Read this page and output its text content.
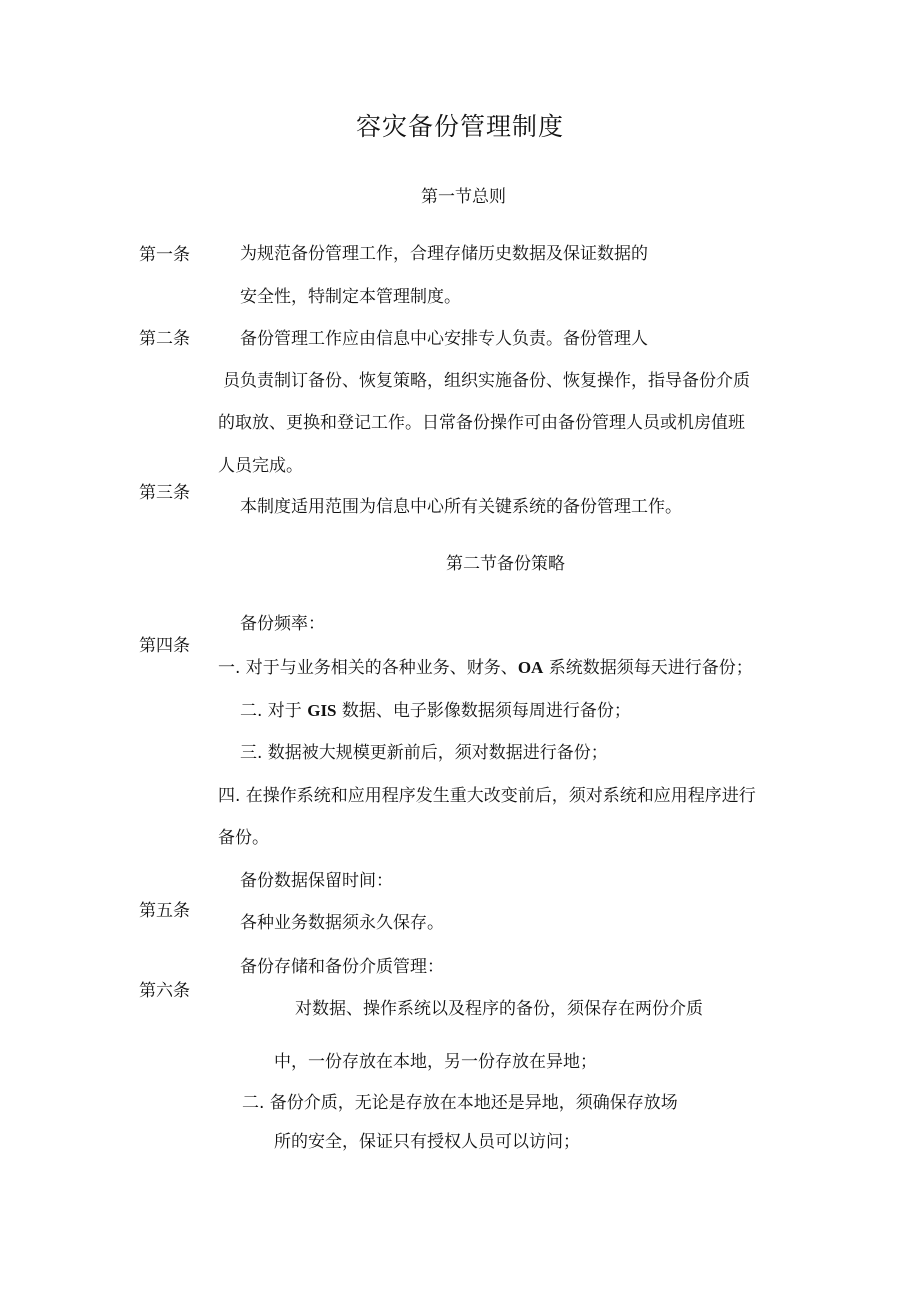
容灾备份管理制度
第一节总则
第一条	为规范备份管理工作，合理存储历史数据及保证数据的
安全性，特制定本管理制度。
第二条	备份管理工作应由信息中心安排专人负责。备份管理人
员负责制订备份、恢复策略，组织实施备份、恢复操作，指导备份介质
的取放、更换和登记工作。日常备份操作可由备份管理人员或机房值班
人员完成。
第三条
本制度适用范围为信息中心所有关键系统的备份管理工作。
第二节备份策略
备份频率：
第四条
一. 对于与业务相关的各种业务、财务、OA 系统数据须每天进行备份；
二. 对于 GIS 数据、电子影像数据须每周进行备份；
三. 数据被大规模更新前后，须对数据进行备份；
四. 在操作系统和应用程序发生重大改变前后，须对系统和应用程序进行
备份。
备份数据保留时间：
第五条
各种业务数据须永久保存。
备份存储和备份介质管理：
第六条
对数据、操作系统以及程序的备份，须保存在两份介质
中，一份存放在本地，另一份存放在异地；
二. 备份介质，无论是存放在本地还是异地，须确保存放场
所的安全，保证只有授权人员可以访问；
